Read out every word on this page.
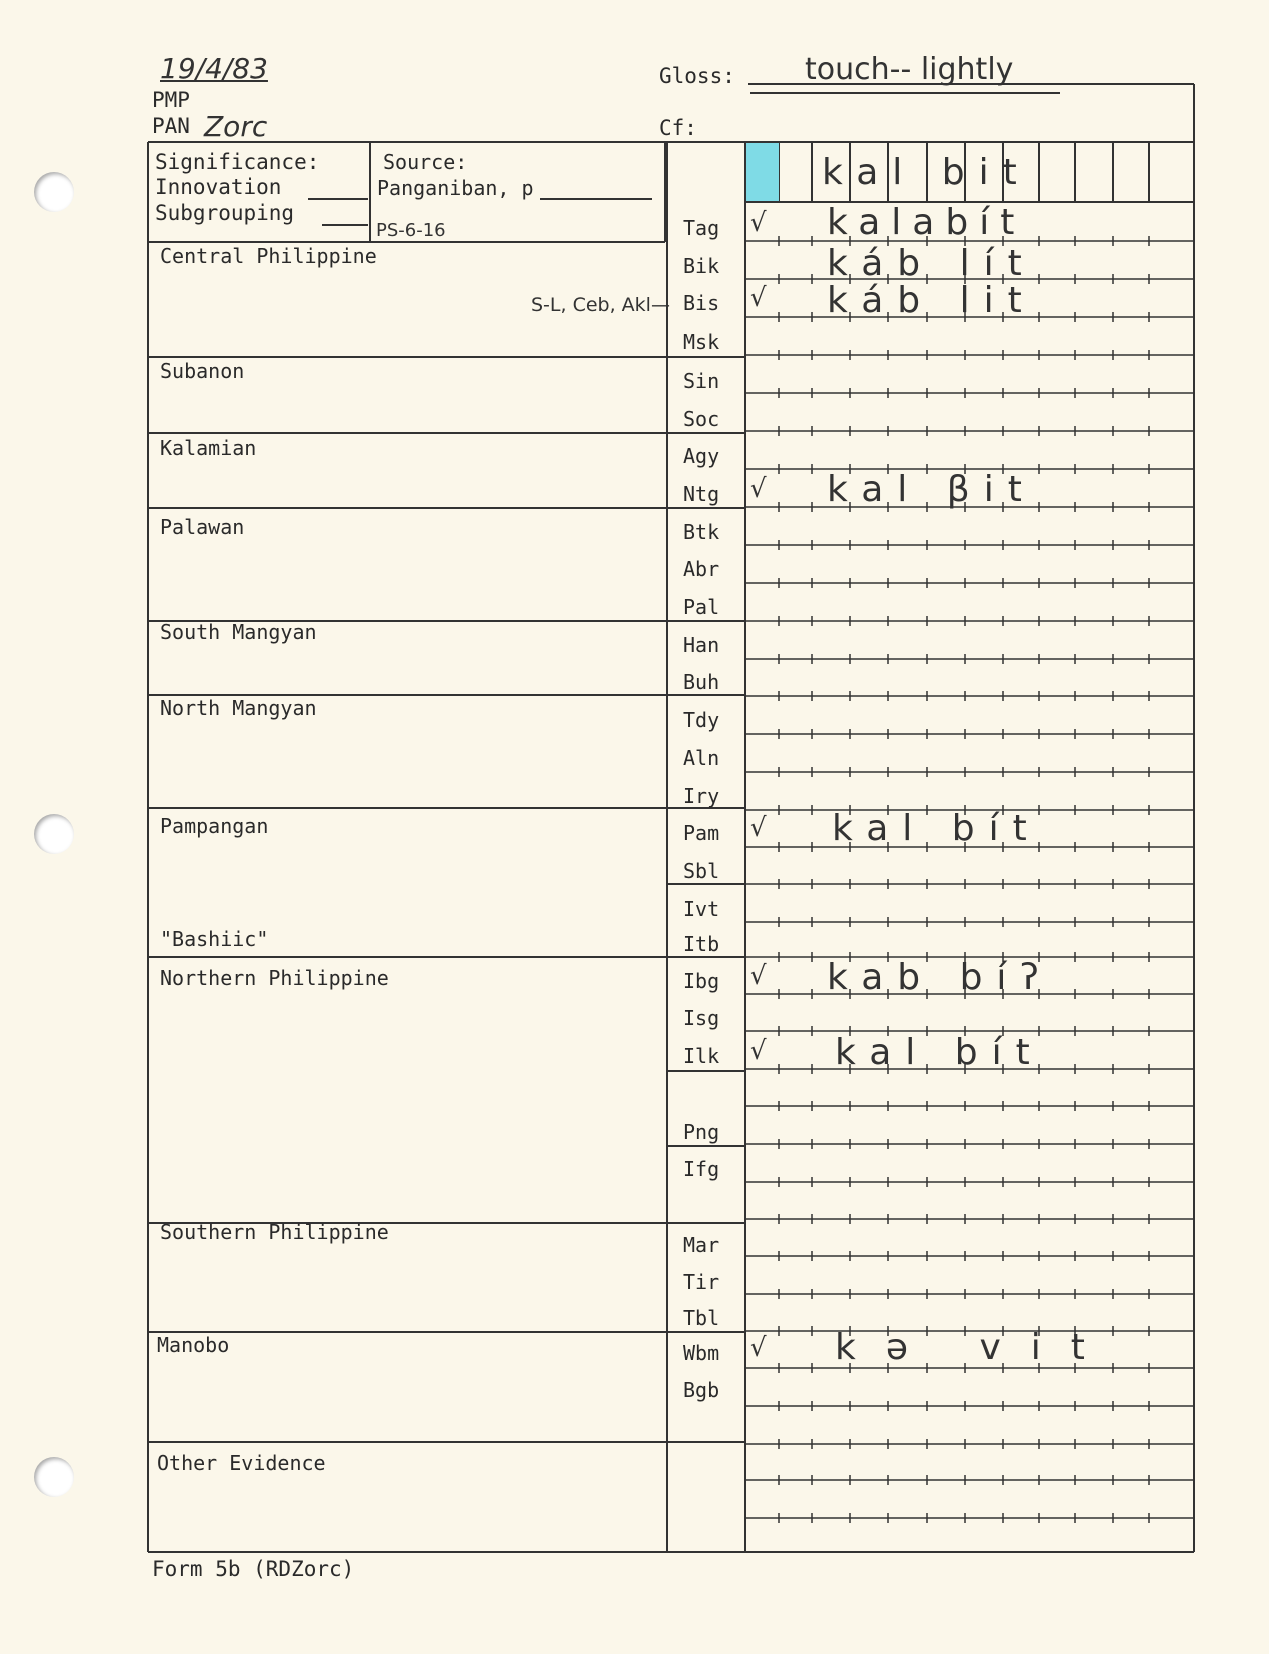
19/4/83
PMP
PAN Zorc
Gloss: touch-- lightly
Cf:
Significance:
Innovation
Subgrouping
Source:
Panganiban, p
PS-6-16
kal bit
Central Philippine
S-L, Ceb, Akl—
Subanon
Kalamian
Palawan
South Mangyan
North Mangyan
Pampangan
"Bashiic"
Northern Philippine
Southern Philippine
Manobo
Other Evidence
Tag
Bik
Bis
Msk
Sin
Soc
Agy
Ntg
Btk
Abr
Pal
Han
Buh
Tdy
Aln
Iry
Pam
Sbl
Ivt
Itb
Ibg
Isg
Ilk
Png
Ifg
Mar
Tir
Tbl
Wbm
Bgb
√
√
√
√
√
√
√
kalabít
káb lít
káb lit
kal βit
kal bít
kab bíʔ
kal bít
kə vit
Form 5b (RDZorc)
